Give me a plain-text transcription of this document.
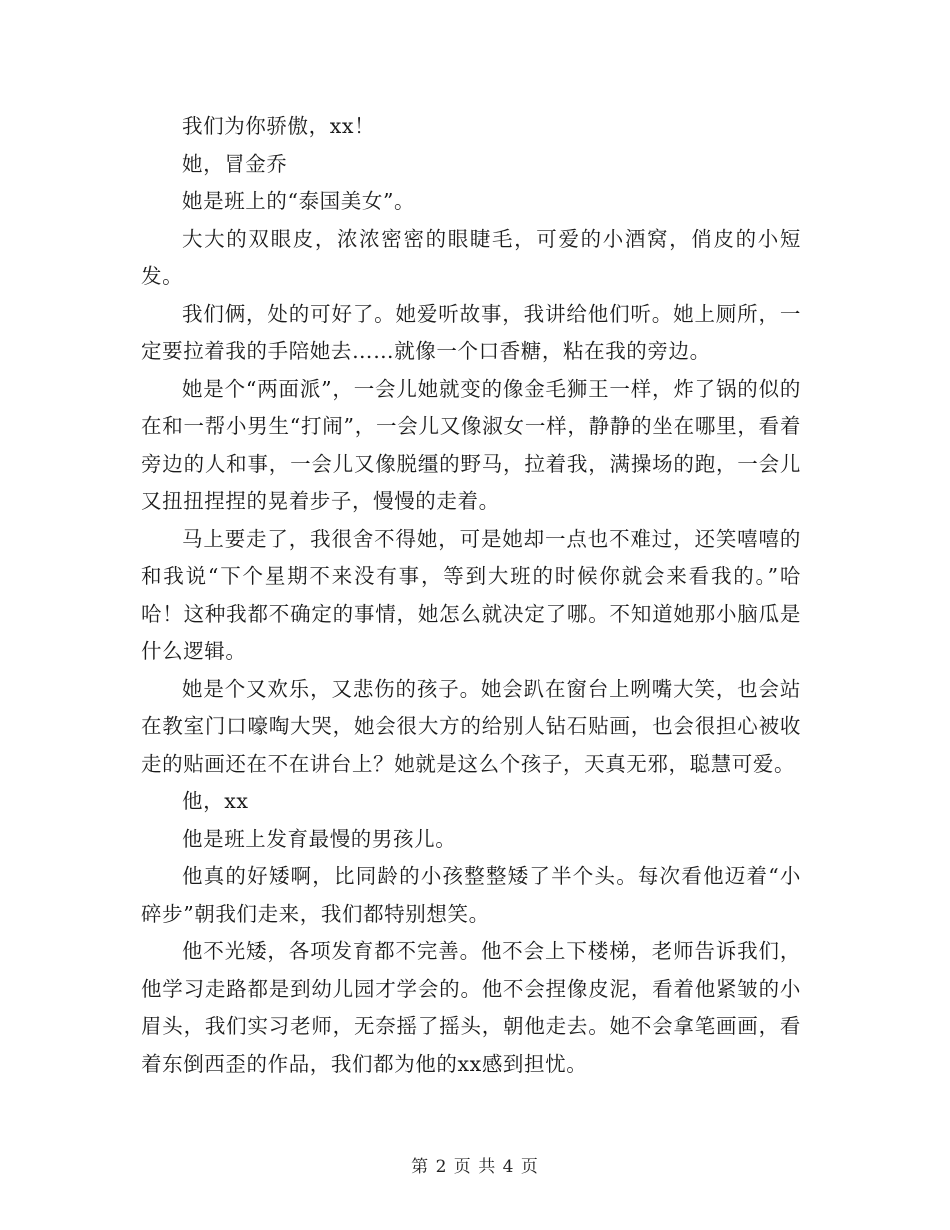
我们为你骄傲，xx！

她，冒金乔

她是班上的“泰国美女”。

大大的双眼皮，浓浓密密的眼睫毛，可爱的小酒窝，俏皮的小短发。

我们俩，处的可好了。她爱听故事，我讲给他们听。她上厕所，一定要拉着我的手陪她去……就像一个口香糖，粘在我的旁边。

她是个“两面派”，一会儿她就变的像金毛狮王一样，炸了锅的似的在和一帮小男生“打闹”，一会儿又像淑女一样，静静的坐在哪里，看着旁边的人和事，一会儿又像脱缰的野马，拉着我，满操场的跑，一会儿又扭扭捏捏的晃着步子，慢慢的走着。

马上要走了，我很舍不得她，可是她却一点也不难过，还笑嘻嘻的和我说“下个星期不来没有事，等到大班的时候你就会来看我的。”哈哈！这种我都不确定的事情，她怎么就决定了哪。不知道她那小脑瓜是什么逻辑。

她是个又欢乐，又悲伤的孩子。她会趴在窗台上咧嘴大笑，也会站在教室门口嚎啕大哭，她会很大方的给别人钻石贴画，也会很担心被收走的贴画还在不在讲台上？她就是这么个孩子，天真无邪，聪慧可爱。

他，xx

他是班上发育最慢的男孩儿。

他真的好矮啊，比同龄的小孩整整矮了半个头。每次看他迈着“小碎步”朝我们走来，我们都特别想笑。

他不光矮，各项发育都不完善。他不会上下楼梯，老师告诉我们，他学习走路都是到幼儿园才学会的。他不会捏像皮泥，看着他紧皱的小眉头，我们实习老师，无奈摇了摇头，朝他走去。她不会拿笔画画，看着东倒西歪的作品，我们都为他的xx感到担忧。

第 2 页 共 4 页
